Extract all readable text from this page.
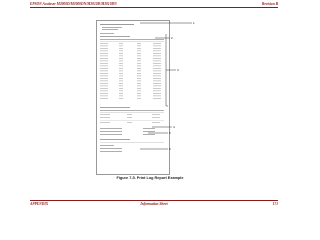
EPSON Aculaser M2000D/M2000DN/M2010D/M2010DN	Revision B
1
2
3
4
5
6
Figure 7-5. Print Log Report Example
APPENDIX	Information Sheet	171
